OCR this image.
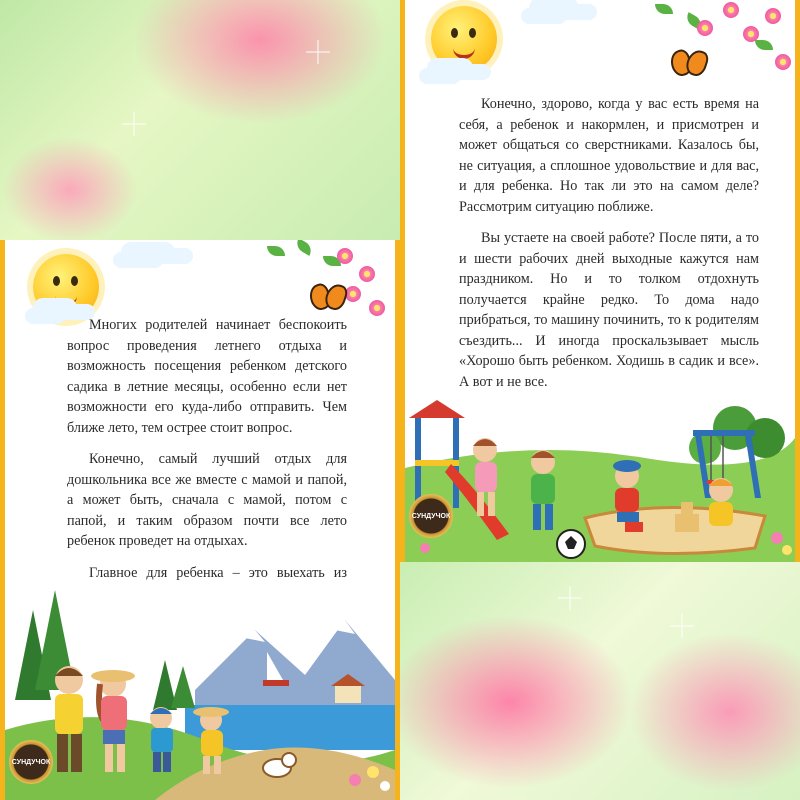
Многих родителей начинает беспокоить вопрос проведения летнего отдыха и возможность посещения ребенком детского садика в летние месяцы, особенно если нет возможности его куда-либо отправить. Чем ближе лето, тем острее стоит вопрос.

Конечно, самый лучший отдых для дошкольника все же вместе с мамой и папой, а может быть, сначала с мамой, потом с папой, и таким образом почти все лето ребенок проведет на отдыхах.

Главное для ребенка – это выехать из

СУНДУЧОК

Конечно, здорово, когда у вас есть время на себя, а ребенок и накормлен, и присмотрен и может общаться со сверстниками. Казалось бы, не ситуация, а сплошное удовольствие и для вас, и для ребенка. Но так ли это на самом деле? Рассмотрим ситуацию поближе.

Вы устаете на своей работе? После пяти, а то и шести рабочих дней выходные кажутся нам праздником. Но и то толком отдохнуть получается крайне редко. То дома надо прибраться, то машину починить, то к родителям съездить... И иногда проскальзывает мысль «Хорошо быть ребенком. Ходишь в садик и все». А вот и не все.

СУНДУЧОК
